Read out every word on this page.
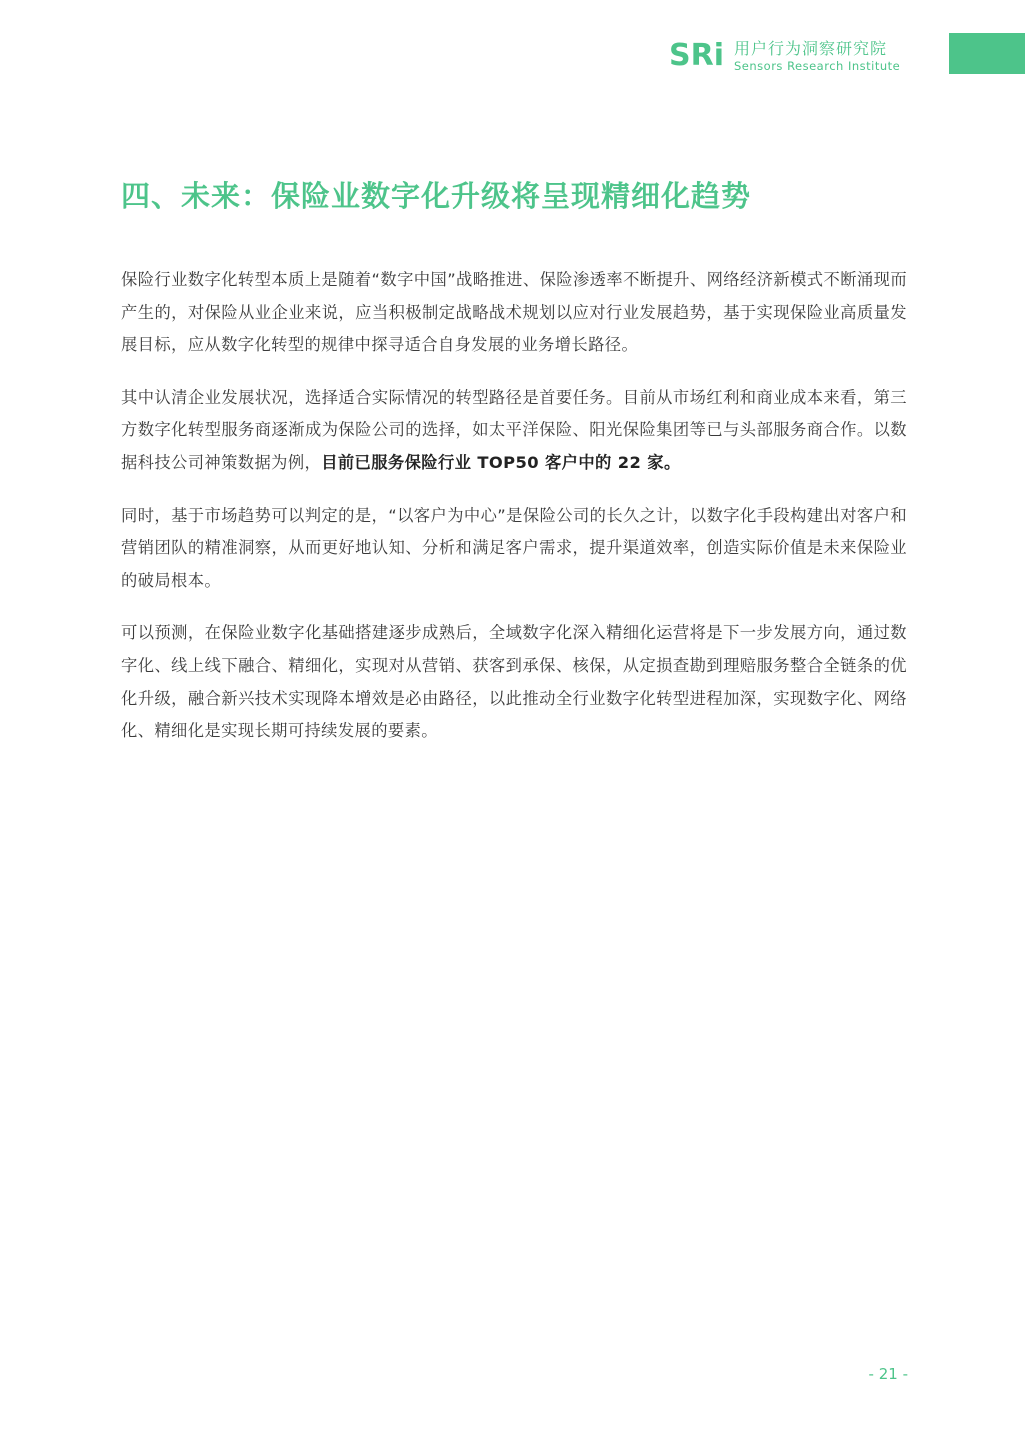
SRi 用户行为洞察研究院
Sensors Research Institute
四、未来：保险业数字化升级将呈现精细化趋势

保险行业数字化转型本质上是随着“数字中国”战略推进、保险渗透率不断提升、网络经济新模式不断涌现而产生的，对保险从业企业来说，应当积极制定战略战术规划以应对行业发展趋势，基于实现保险业高质量发展目标，应从数字化转型的规律中探寻适合自身发展的业务增长路径。

其中认清企业发展状况，选择适合实际情况的转型路径是首要任务。目前从市场红利和商业成本来看，第三方数字化转型服务商逐渐成为保险公司的选择，如太平洋保险、阳光保险集团等已与头部服务商合作。以数据科技公司神策数据为例，目前已服务保险行业 TOP50 客户中的 22 家。

同时，基于市场趋势可以判定的是，“以客户为中心”是保险公司的长久之计，以数字化手段构建出对客户和营销团队的精准洞察，从而更好地认知、分析和满足客户需求，提升渠道效率，创造实际价值是未来保险业的破局根本。

可以预测，在保险业数字化基础搭建逐步成熟后，全域数字化深入精细化运营将是下一步发展方向，通过数字化、线上线下融合、精细化，实现对从营销、获客到承保、核保，从定损查勘到理赔服务整合全链条的优化升级，融合新兴技术实现降本增效是必由路径，以此推动全行业数字化转型进程加深，实现数字化、网络化、精细化是实现长期可持续发展的要素。

- 21 -
